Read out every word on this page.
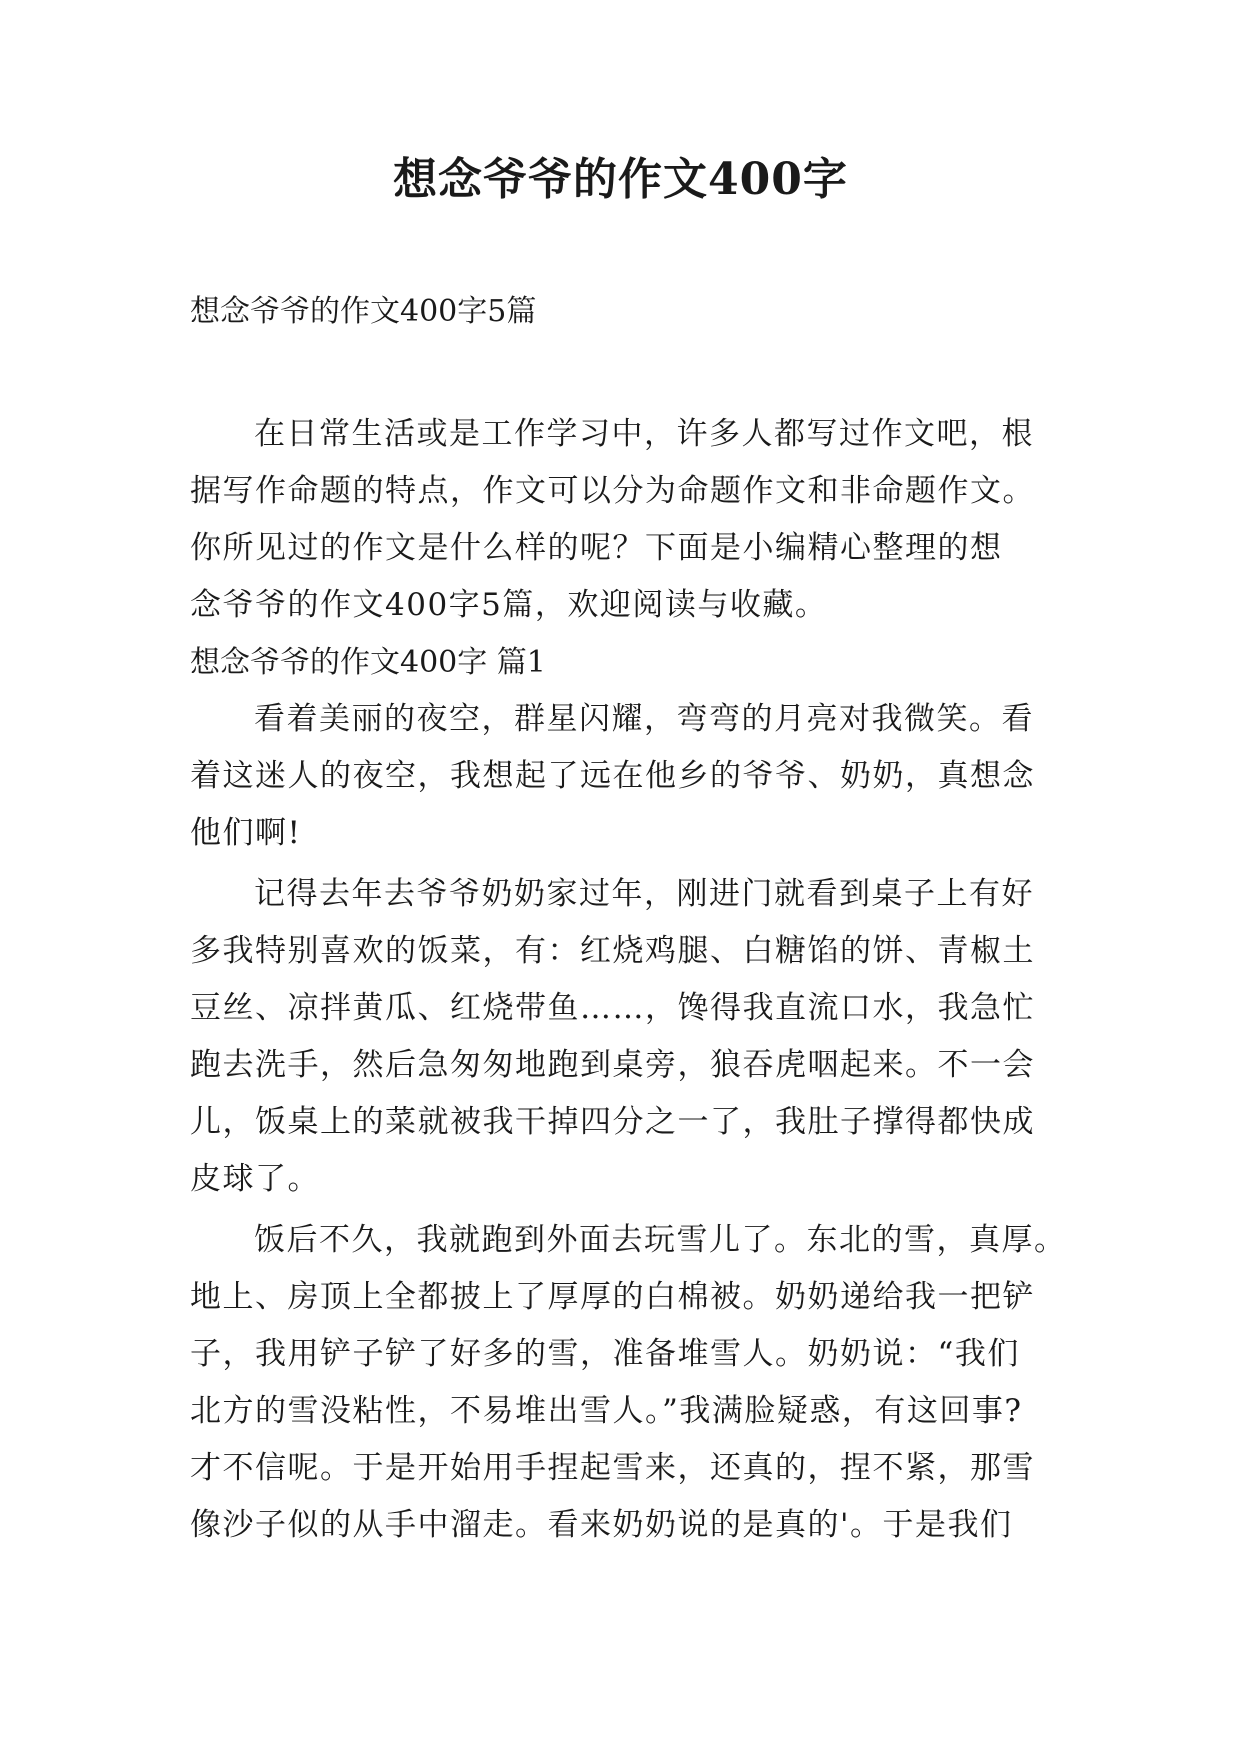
想念爷爷的作文400字
想念爷爷的作文400字5篇
在日常生活或是工作学习中，许多人都写过作文吧，根
据写作命题的特点，作文可以分为命题作文和非命题作文。
你所见过的作文是什么样的呢？下面是小编精心整理的想
念爷爷的作文400字5篇，欢迎阅读与收藏。
想念爷爷的作文400字 篇1
看着美丽的夜空，群星闪耀，弯弯的月亮对我微笑。看
着这迷人的夜空，我想起了远在他乡的爷爷、奶奶，真想念
他们啊!
记得去年去爷爷奶奶家过年，刚进门就看到桌子上有好
多我特别喜欢的饭菜，有：红烧鸡腿、白糖馅的饼、青椒土
豆丝、凉拌黄瓜、红烧带鱼……，馋得我直流口水，我急忙
跑去洗手，然后急匆匆地跑到桌旁，狼吞虎咽起来。不一会
儿，饭桌上的菜就被我干掉四分之一了，我肚子撑得都快成
皮球了。
饭后不久，我就跑到外面去玩雪儿了。东北的雪，真厚。
地上、房顶上全都披上了厚厚的白棉被。奶奶递给我一把铲
子，我用铲子铲了好多的雪，准备堆雪人。奶奶说：“我们
北方的雪没粘性，不易堆出雪人。”我满脸疑惑，有这回事?
才不信呢。于是开始用手捏起雪来，还真的，捏不紧，那雪
像沙子似的从手中溜走。看来奶奶说的是真的'。于是我们
